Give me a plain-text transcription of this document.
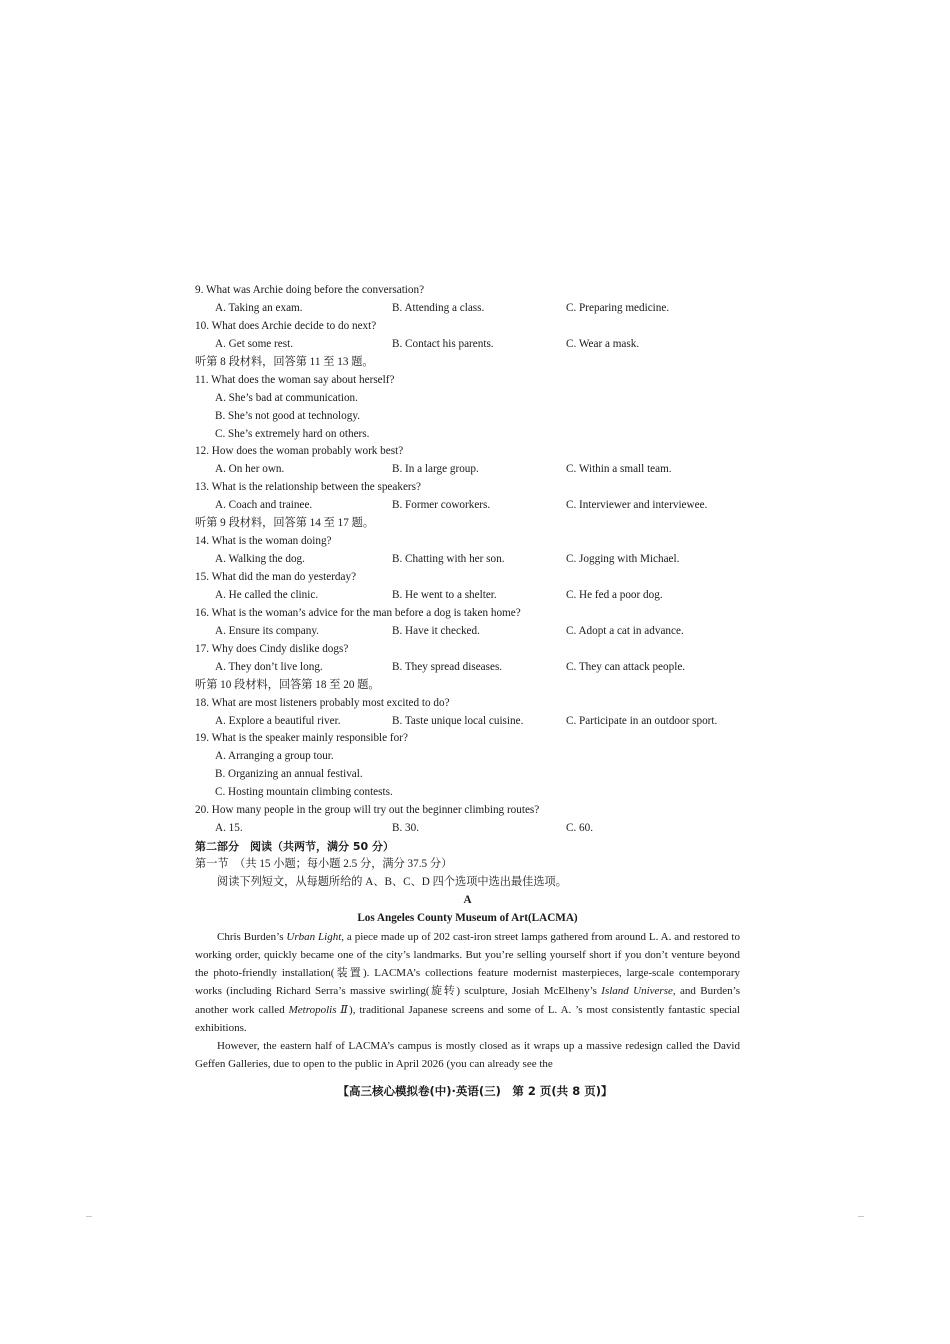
9. What was Archie doing before the conversation?
A. Taking an exam.	B. Attending a class.	C. Preparing medicine.
10. What does Archie decide to do next?
A. Get some rest.	B. Contact his parents.	C. Wear a mask.
听第 8 段材料，回答第 11 至 13 题。
11. What does the woman say about herself?
A. She’s bad at communication.
B. She’s not good at technology.
C. She’s extremely hard on others.
12. How does the woman probably work best?
A. On her own.	B. In a large group.	C. Within a small team.
13. What is the relationship between the speakers?
A. Coach and trainee.	B. Former coworkers.	C. Interviewer and interviewee.
听第 9 段材料，回答第 14 至 17 题。
14. What is the woman doing?
A. Walking the dog.	B. Chatting with her son.	C. Jogging with Michael.
15. What did the man do yesterday?
A. He called the clinic.	B. He went to a shelter.	C. He fed a poor dog.
16. What is the woman’s advice for the man before a dog is taken home?
A. Ensure its company.	B. Have it checked.	C. Adopt a cat in advance.
17. Why does Cindy dislike dogs?
A. They don’t live long.	B. They spread diseases.	C. They can attack people.
听第 10 段材料，回答第 18 至 20 题。
18. What are most listeners probably most excited to do?
A. Explore a beautiful river.	B. Taste unique local cuisine.	C. Participate in an outdoor sport.
19. What is the speaker mainly responsible for?
A. Arranging a group tour.
B. Organizing an annual festival.
C. Hosting mountain climbing contests.
20. How many people in the group will try out the beginner climbing routes?
A. 15.	B. 30.	C. 60.
第二部分　阅读（共两节，满分 50 分）
第一节　（共 15 小题；每小题 2.5 分，满分 37.5 分）
阅读下列短文，从每题所给的 A、B、C、D 四个选项中选出最佳选项。
A
Los Angeles County Museum of Art(LACMA)

Chris Burden’s Urban Light, a piece made up of 202 cast-iron street lamps gathered from around L. A. and restored to working order, quickly became one of the city’s landmarks. But you’re selling yourself short if you don’t venture beyond the photo-friendly installation(装置). LACMA’s collections feature modernist masterpieces, large-scale contemporary works (including Richard Serra’s massive swirling(旋转) sculpture, Josiah McElheny’s Island Universe, and Burden’s another work called Metropolis Ⅱ), traditional Japanese screens and some of L. A. ’s most consistently fantastic special exhibitions.

However, the eastern half of LACMA’s campus is mostly closed as it wraps up a massive redesign called the David Geffen Galleries, due to open to the public in April 2026 (you can already see the

【高三核心模拟卷(中)·英语(三)　第 2 页(共 8 页)】
